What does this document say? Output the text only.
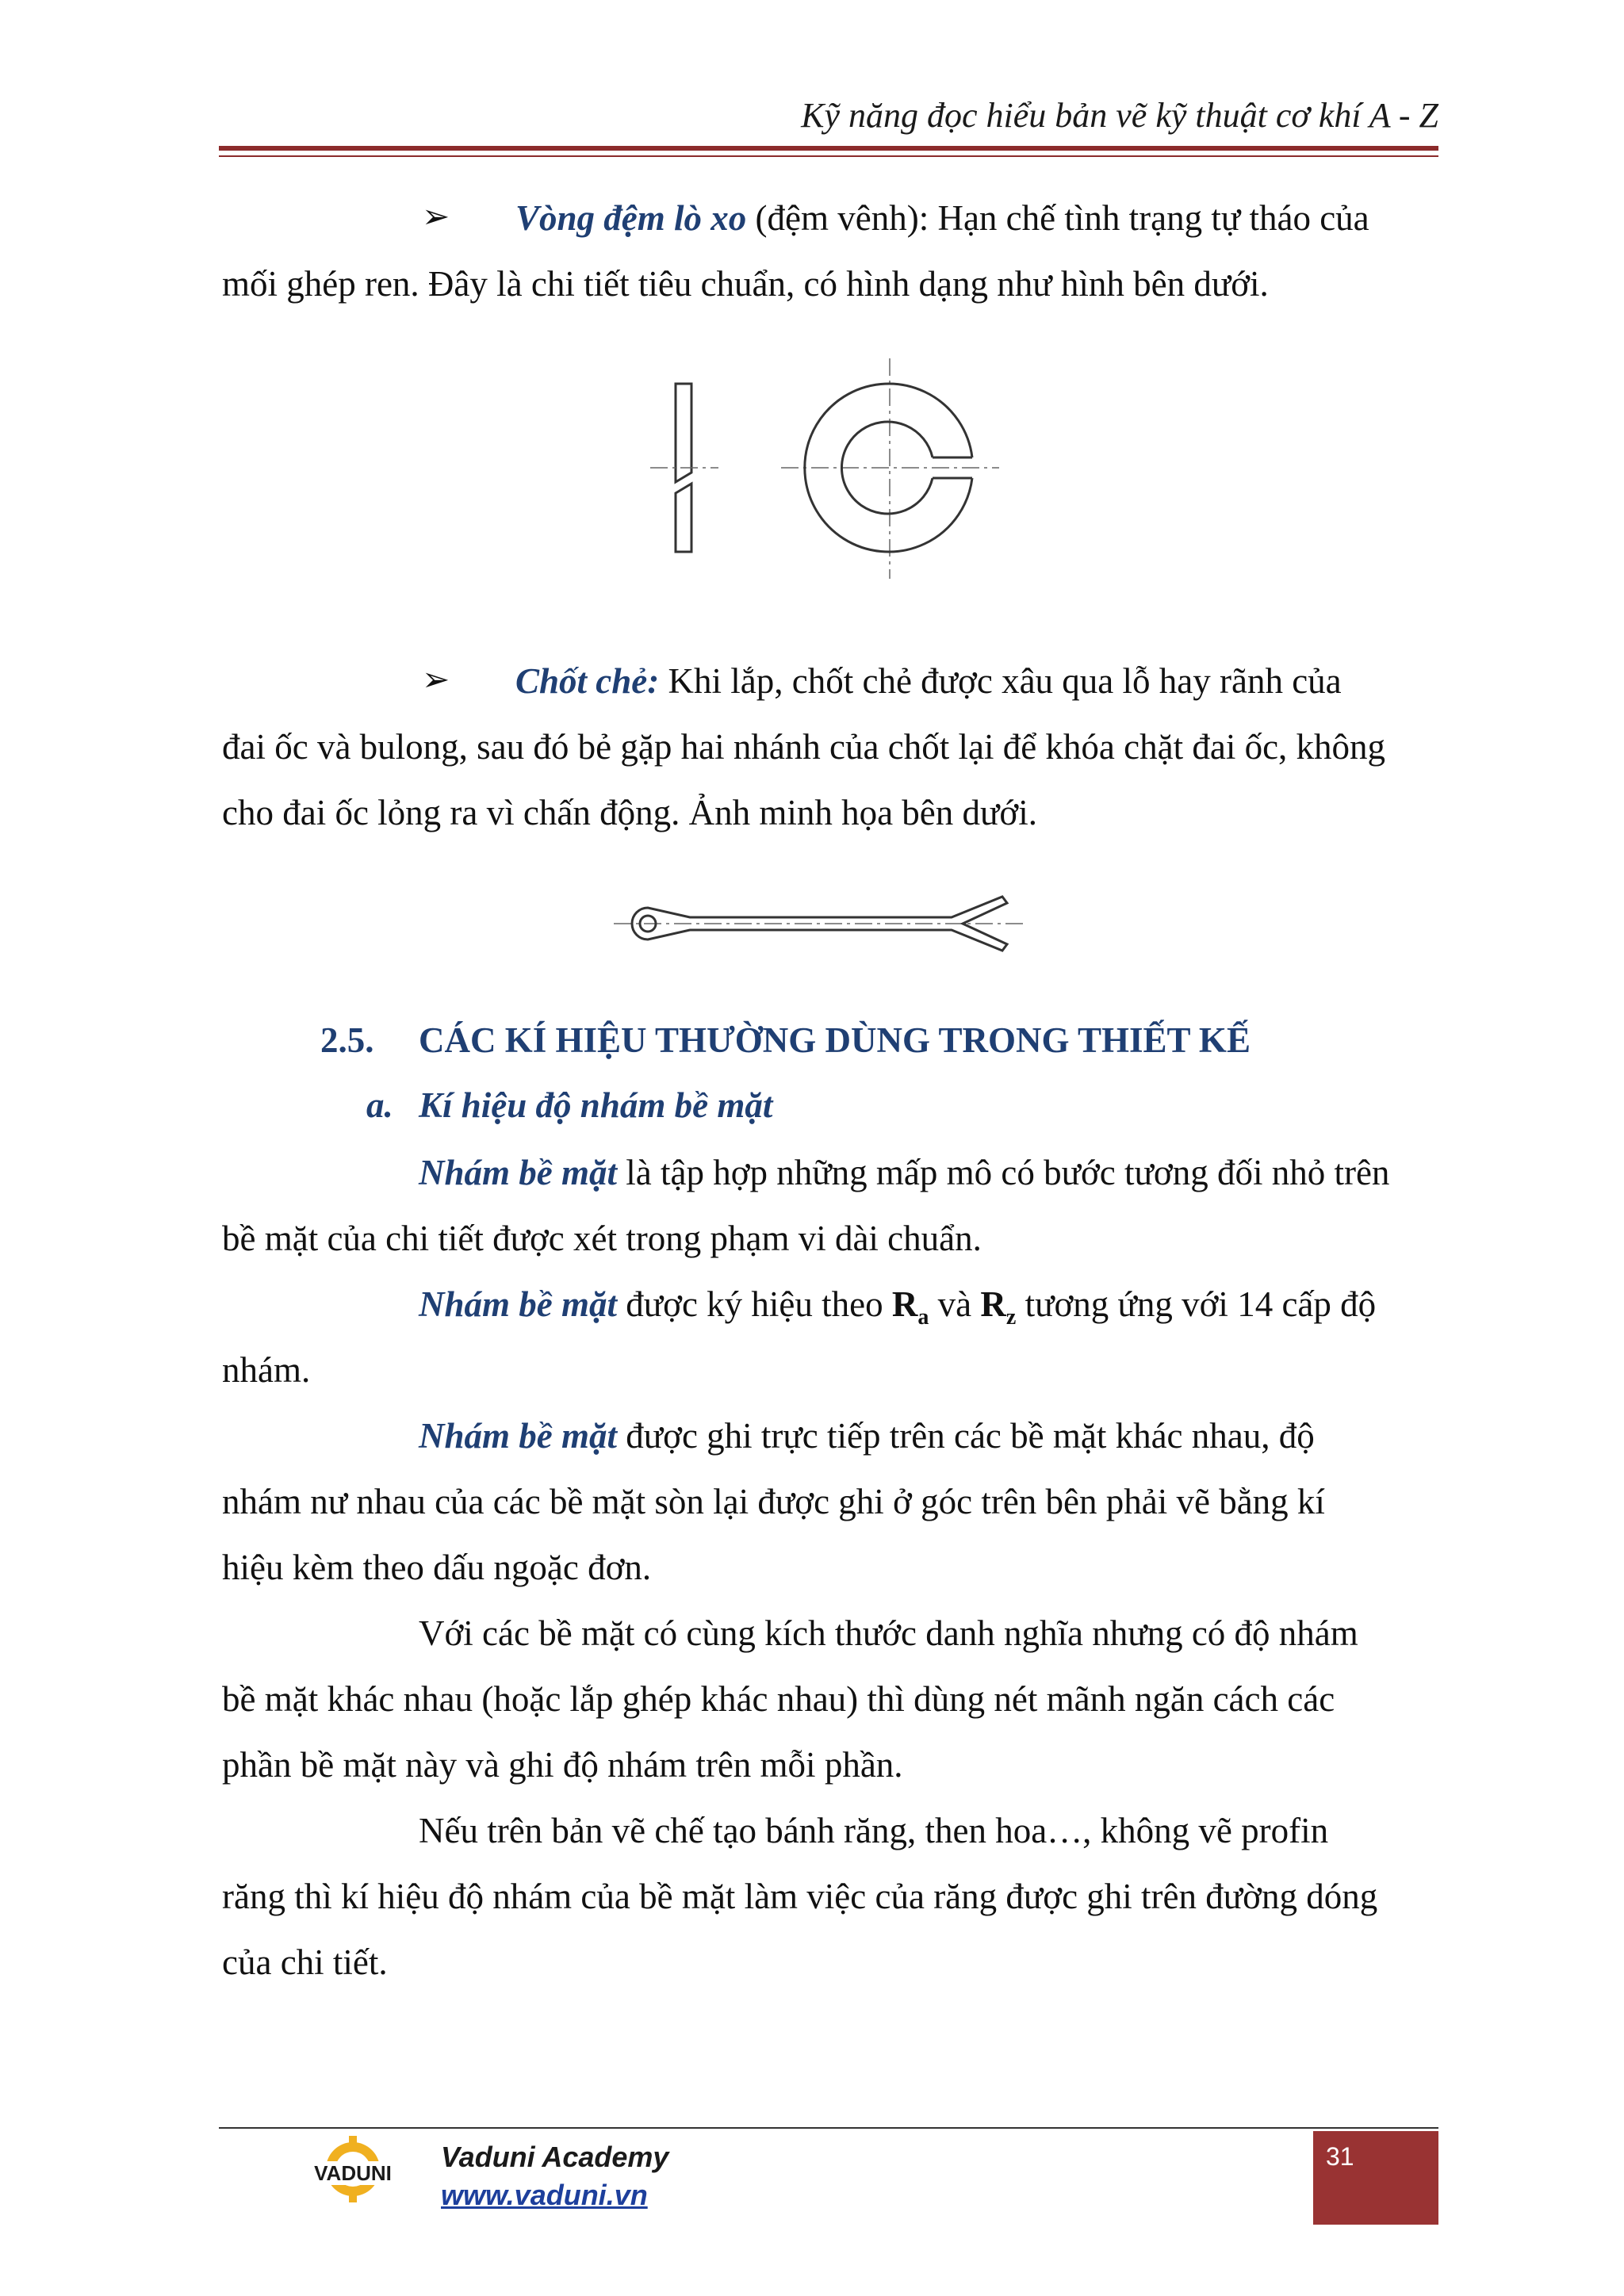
Kỹ năng đọc hiểu bản vẽ kỹ thuật cơ khí A - Z
➢	Vòng đệm lò xo (đệm vênh): Hạn chế tình trạng tự tháo của
mối ghép ren. Đây là chi tiết tiêu chuẩn, có hình dạng như hình bên dưới.
➢	Chốt chẻ: Khi lắp, chốt chẻ được xâu qua lỗ hay rãnh của
đai ốc và bulong, sau đó bẻ gặp hai nhánh của chốt lại để khóa chặt đai ốc, không
cho đai ốc lỏng ra vì chấn động. Ảnh minh họa bên dưới.
2.5. CÁC KÍ HIỆU THƯỜNG DÙNG TRONG THIẾT KẾ
a. Kí hiệu độ nhám bề mặt
Nhám bề mặt là tập hợp những mấp mô có bước tương đối nhỏ trên
bề mặt của chi tiết được xét trong phạm vi dài chuẩn.
Nhám bề mặt được ký hiệu theo $R_a$ và $R_z$ tương ứng với 14 cấp độ
nhám.
Nhám bề mặt được ghi trực tiếp trên các bề mặt khác nhau, độ
nhám nư nhau của các bề mặt sòn lại được ghi ở góc trên bên phải vẽ bằng kí
hiệu kèm theo dấu ngoặc đơn.
Với các bề mặt có cùng kích thước danh nghĩa nhưng có độ nhám
bề mặt khác nhau (hoặc lắp ghép khác nhau) thì dùng nét mãnh ngăn cách các
phần bề mặt này và ghi độ nhám trên mỗi phần.
Nếu trên bản vẽ chế tạo bánh răng, then hoa…, không vẽ profin
răng thì kí hiệu độ nhám của bề mặt làm việc của răng được ghi trên đường dóng
của chi tiết.
VADUNI Vaduni Academy
www.vaduni.vn
31
